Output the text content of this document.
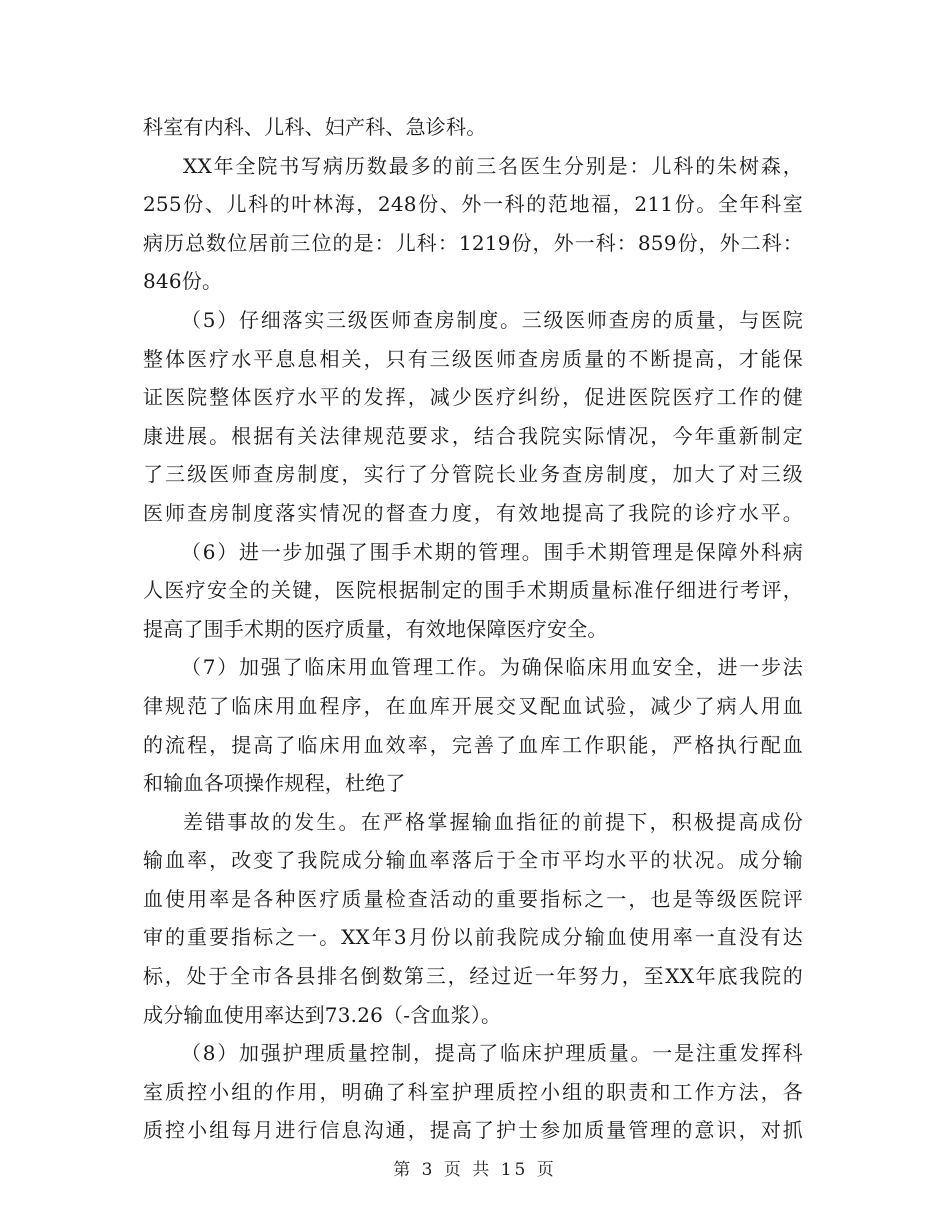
科室有内科、儿科、妇产科、急诊科。
XX年全院书写病历数最多的前三名医生分别是：儿科的朱树森，
255份、儿科的叶林海，248份、外一科的范地福，211份。全年科室
病历总数位居前三位的是：儿科：1219份，外一科：859份，外二科：
846份。
（5）仔细落实三级医师查房制度。三级医师查房的质量，与医院
整体医疗水平息息相关，只有三级医师查房质量的不断提高，才能保
证医院整体医疗水平的发挥，减少医疗纠纷，促进医院医疗工作的健
康进展。根据有关法律规范要求，结合我院实际情况，今年重新制定
了三级医师查房制度，实行了分管院长业务查房制度，加大了对三级
医师查房制度落实情况的督查力度，有效地提高了我院的诊疗水平。
（6）进一步加强了围手术期的管理。围手术期管理是保障外科病
人医疗安全的关键，医院根据制定的围手术期质量标准仔细进行考评，
提高了围手术期的医疗质量，有效地保障医疗安全。
（7）加强了临床用血管理工作。为确保临床用血安全，进一步法
律规范了临床用血程序，在血库开展交叉配血试验，减少了病人用血
的流程，提高了临床用血效率，完善了血库工作职能，严格执行配血
和输血各项操作规程，杜绝了
差错事故的发生。在严格掌握输血指征的前提下，积极提高成份
输血率，改变了我院成分输血率落后于全市平均水平的状况。成分输
血使用率是各种医疗质量检查活动的重要指标之一，也是等级医院评
审的重要指标之一。XX年3月份以前我院成分输血使用率一直没有达
标，处于全市各县排名倒数第三，经过近一年努力，至XX年底我院的
成分输血使用率达到73.26（-含血浆）。
（8）加强护理质量控制，提高了临床护理质量。一是注重发挥科
室质控小组的作用，明确了科室护理质控小组的职责和工作方法，各
质控小组每月进行信息沟通，提高了护士参加质量管理的意识，对抓
第 3 页 共 15 页
